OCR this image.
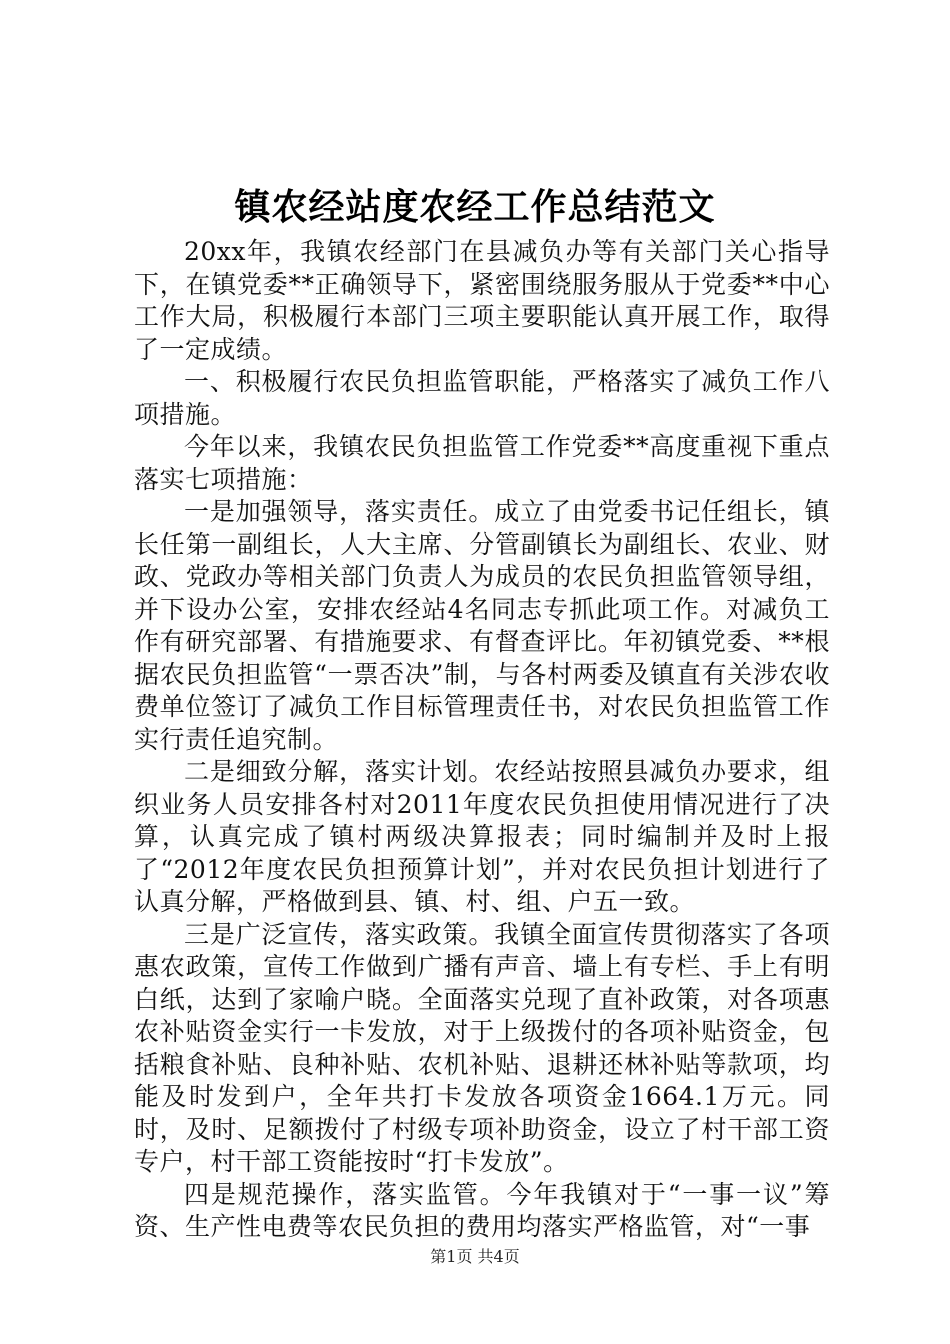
镇农经站度农经工作总结范文

20xx年，我镇农经部门在县减负办等有关部门关心指导下，在镇党委**正确领导下，紧密围绕服务服从于党委**中心工作大局，积极履行本部门三项主要职能认真开展工作，取得了一定成绩。

一、积极履行农民负担监管职能，严格落实了减负工作八项措施。

今年以来，我镇农民负担监管工作党委**高度重视下重点落实七项措施：

一是加强领导，落实责任。成立了由党委书记任组长，镇长任第一副组长，人大主席、分管副镇长为副组长、农业、财政、党政办等相关部门负责人为成员的农民负担监管领导组，并下设办公室，安排农经站4名同志专抓此项工作。对减负工作有研究部署、有措施要求、有督查评比。年初镇党委、**根据农民负担监管“一票否决”制，与各村两委及镇直有关涉农收费单位签订了减负工作目标管理责任书，对农民负担监管工作实行责任追究制。

二是细致分解，落实计划。农经站按照县减负办要求，组织业务人员安排各村对2011年度农民负担使用情况进行了决算，认真完成了镇村两级决算报表；同时编制并及时上报了“2012年度农民负担预算计划”，并对农民负担计划进行了认真分解，严格做到县、镇、村、组、户五一致。

三是广泛宣传，落实政策。我镇全面宣传贯彻落实了各项惠农政策，宣传工作做到广播有声音、墙上有专栏、手上有明白纸，达到了家喻户晓。全面落实兑现了直补政策，对各项惠农补贴资金实行一卡发放，对于上级拨付的各项补贴资金，包括粮食补贴、良种补贴、农机补贴、退耕还林补贴等款项，均能及时发到户，全年共打卡发放各项资金1664.1万元。同时，及时、足额拨付了村级专项补助资金，设立了村干部工资专户，村干部工资能按时“打卡发放”。

四是规范操作，落实监管。今年我镇对于“一事一议”筹资、生产性电费等农民负担的费用均落实严格监管，对“一事

第1页 共4页
